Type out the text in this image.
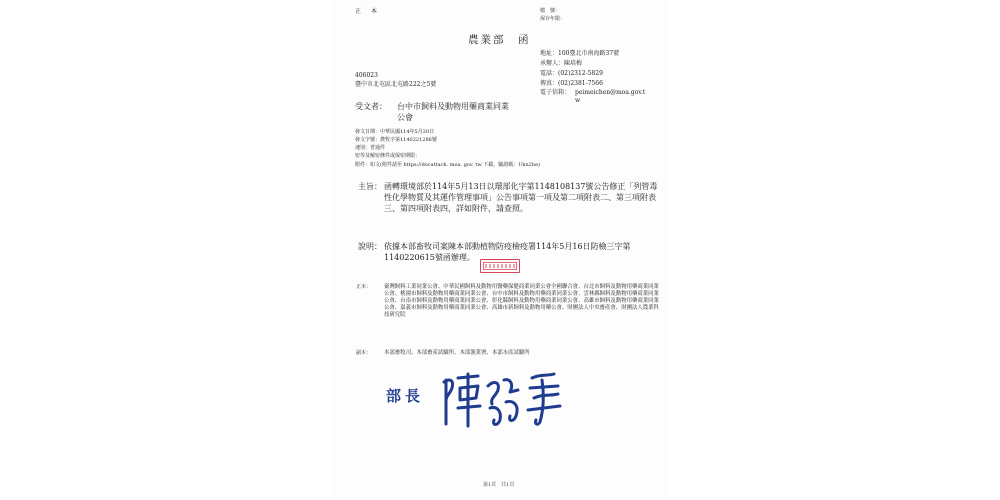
正　本	檔　號：
保存年限：
農業部　函
地址：100臺北市南海路37號
承辦人：陳培梅
電話：(02)2312-5829
傳真：(02)2381-7566
電子信箱： peimeichen@moa.gov.t
w
406023
臺中市北屯區北屯路222之5號
受文者： 台中市飼料及動物用藥商業同業
公會
發文日期：中華民國114年5月20日
發文字號：農牧字第1140221286號
速別：普通件
密等及解密條件或保密期限：
附件：如文(附件請至 https://docattach. moa. gov. tw 下載，驗證碼：Ukn2he)
主旨： 函轉環境部於114年5月13日以環部化字第1148108137號公告修正「列管毒性化學物質及其運作管理事項」公告事項第一項及第二項附表二、第三項附表三、第四項附表四，詳如附件，請查照。
說明： 依據本部畜牧司案陳本部動植物防疫檢疫署114年5月16日防檢三字第1140220615號函辦理。
正本： 臺灣飼料工業同業公會、中華民國飼料及動物用醫藥保健商業同業公會全國聯合會、台北市飼料及動物用藥商業同業公會、桃園市飼料及動物用藥商業同業公會、台中市飼料及動物用藥商業同業公會、雲林縣飼料及動物用藥商業同業公會、台南市飼料及動物用藥商業同業公會、彰化縣飼料及動物用藥商業同業公會、高雄市飼料及動物用藥商業同業公會、嘉義市飼料及動物用藥商業同業公會、高雄市新飼料及動物用藥公會、財團法人中央畜產會、財團法人農業科技研究院
副本： 本部畜牧司、本部畜產試驗所、本部漁業署、本部水產試驗所
部長
第1頁　共1頁
